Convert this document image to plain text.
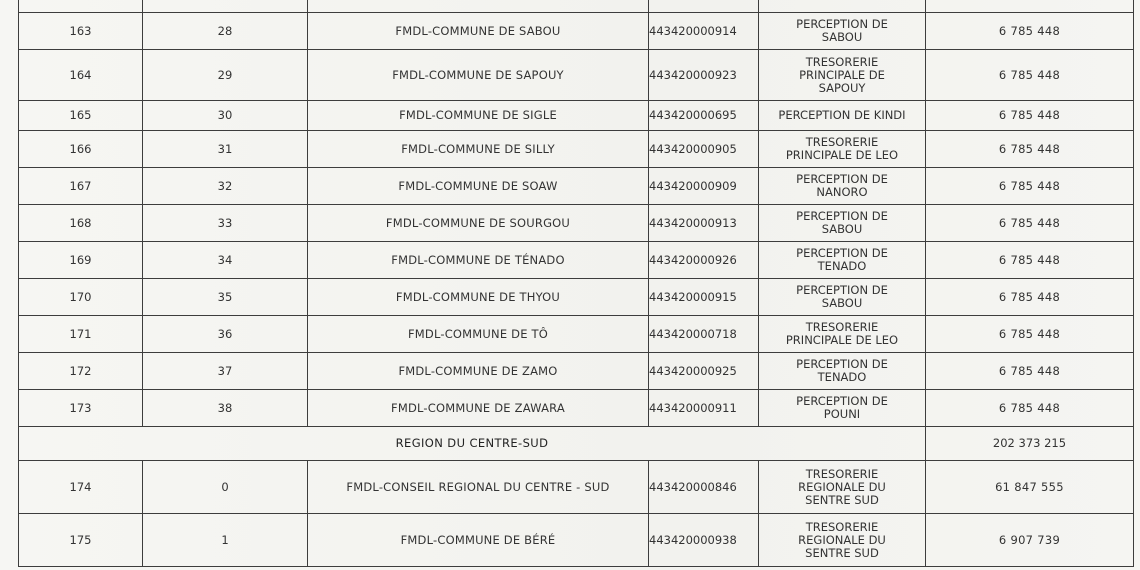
163	28	FMDL-COMMUNE DE SABOU	443420000914	PERCEPTION DE
SABOU	6 785 448
164	29	FMDL-COMMUNE DE SAPOUY	443420000923	TRESORERIE
PRINCIPALE DE
SAPOUY	6 785 448
165	30	FMDL-COMMUNE DE SIGLE	443420000695	PERCEPTION DE KINDI	6 785 448
166	31	FMDL-COMMUNE DE SILLY	443420000905	TRESORERIE
PRINCIPALE DE LEO	6 785 448
167	32	FMDL-COMMUNE DE SOAW	443420000909	PERCEPTION DE
NANORO	6 785 448
168	33	FMDL-COMMUNE DE SOURGOU	443420000913	PERCEPTION DE
SABOU	6 785 448
169	34	FMDL-COMMUNE DE TÉNADO	443420000926	PERCEPTION DE
TENADO	6 785 448
170	35	FMDL-COMMUNE DE THYOU	443420000915	PERCEPTION DE
SABOU	6 785 448
171	36	FMDL-COMMUNE DE TÔ	443420000718	TRESORERIE
PRINCIPALE DE LEO	6 785 448
172	37	FMDL-COMMUNE DE ZAMO	443420000925	PERCEPTION DE
TENADO	6 785 448
173	38	FMDL-COMMUNE DE ZAWARA	443420000911	PERCEPTION DE
POUNI	6 785 448
REGION DU CENTRE-SUD					202 373 215
174	0	FMDL-CONSEIL REGIONAL DU CENTRE - SUD	443420000846	TRESORERIE
REGIONALE DU
SENTRE SUD	61 847 555
175	1	FMDL-COMMUNE DE BÉRÉ	443420000938	TRESORERIE
REGIONALE DU
SENTRE SUD	6 907 739
